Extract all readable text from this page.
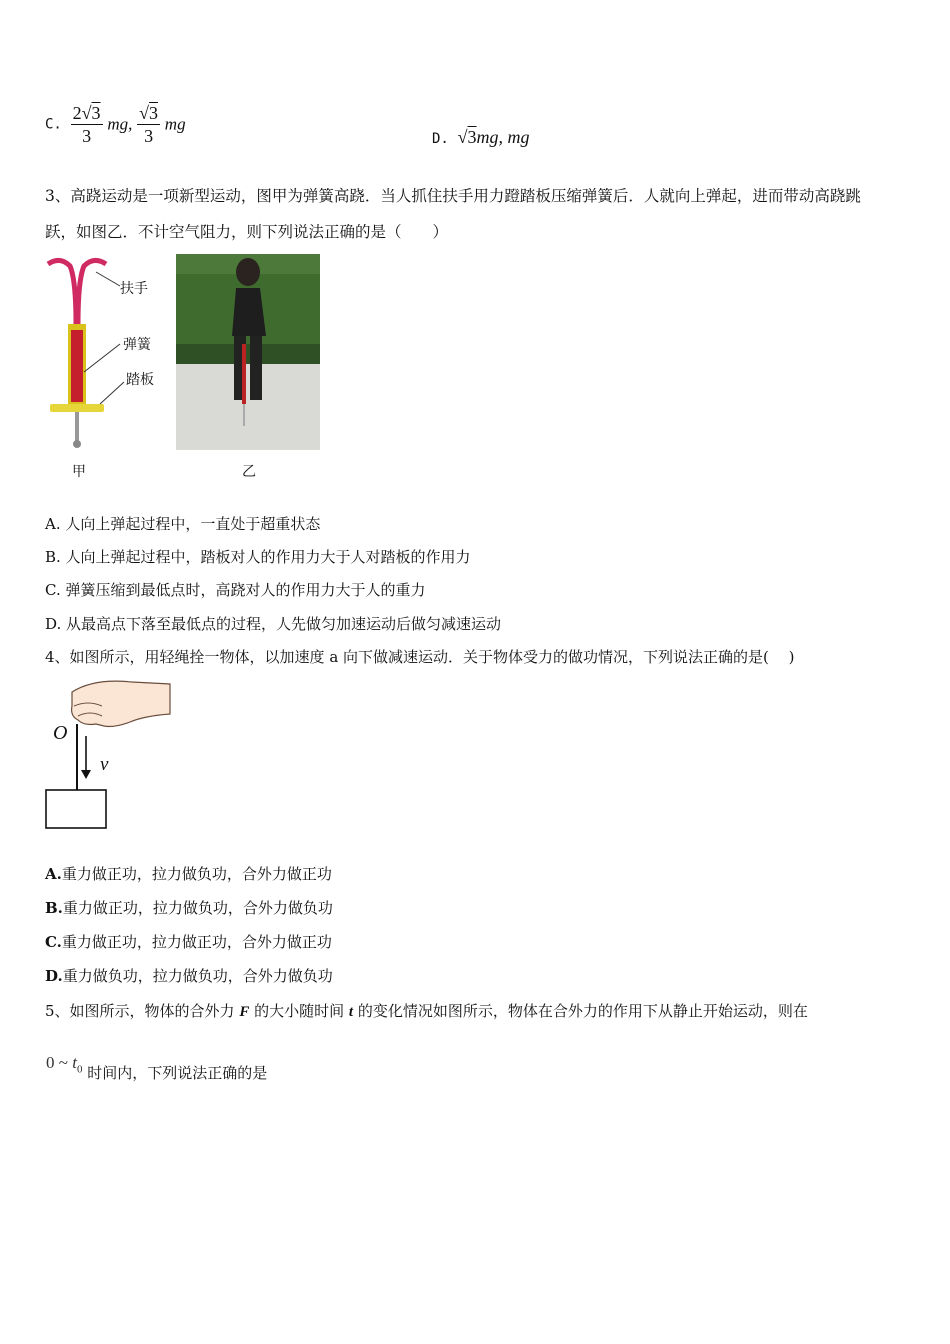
C. $\frac{2√3}{3}$ mg, $\frac{√3}{3}$ mg
D. √3mg, mg
3、高跷运动是一项新型运动，图甲为弹簧高跷．当人抓住扶手用力蹬踏板压缩弹簧后．人就向上弹起，进而带动高跷跳
跃，如图乙．不计空气阻力，则下列说法正确的是（　　）
扶手
弹簧
踏板
甲	乙
A. 人向上弹起过程中，一直处于超重状态
B. 人向上弹起过程中，踏板对人的作用力大于人对踏板的作用力
C. 弹簧压缩到最低点时，高跷对人的作用力大于人的重力
D. 从最高点下落至最低点的过程，人先做匀加速运动后做匀减速运动
4、如图所示，用轻绳拴一物体，以加速度 a 向下做减速运动．关于物体受力的做功情况，下列说法正确的是(　 )
O
v
A.重力做正功，拉力做负功，合外力做正功
B.重力做正功，拉力做负功，合外力做负功
C.重力做正功，拉力做正功，合外力做正功
D.重力做负功，拉力做负功，合外力做负功
5、如图所示，物体的合外力 F 的大小随时间 t 的变化情况如图所示，物体在合外力的作用下从静止开始运动，则在
0 ~ $t_0$ 时间内，下列说法正确的是
